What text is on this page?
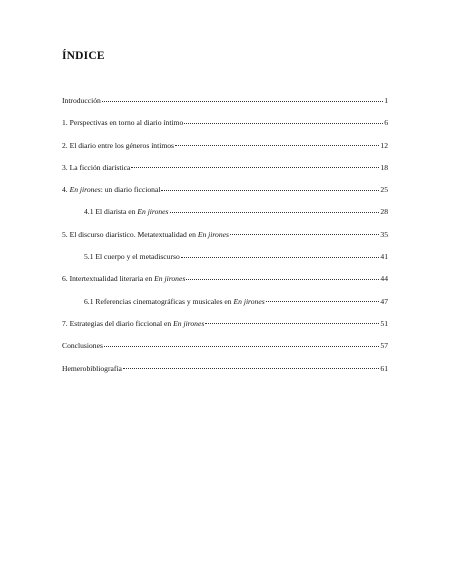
ÍNDICE
Introducción	1
1. Perspectivas en torno al diario íntimo	6
2. El diario entre los géneros íntimos	12
3. La ficción diarística	18
4. En jirones: un diario ficcional	25
4.1 El diarista en En jirones	28
5. El discurso diarístico. Metatextualidad en En jirones	35
5.1 El cuerpo y el metadiscurso	41
6. Intertextualidad literaria en En jirones	44
6.1 Referencias cinematográficas y musicales en En jirones	47
7. Estrategias del diario ficcional en En jirones	51
Conclusiones	57
Hemerobibliografía	61
